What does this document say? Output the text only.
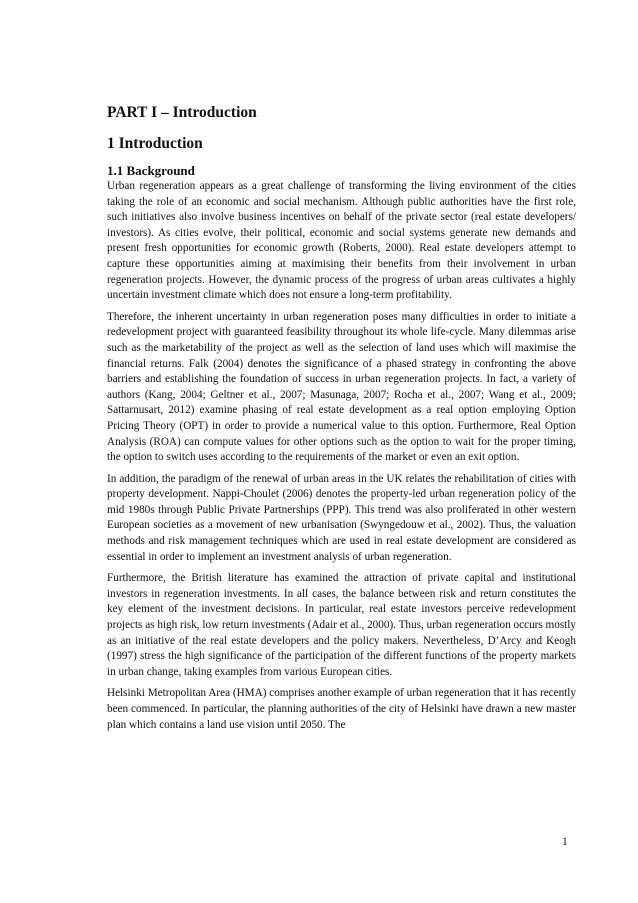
PART I – Introduction
1 Introduction
1.1 Background

Urban regeneration appears as a great challenge of transforming the living environment of the cities taking the role of an economic and social mechanism. Although public authorities have the first role, such initiatives also involve business incentives on behalf of the private sector (real estate developers/ investors). As cities evolve, their political, economic and social systems generate new demands and present fresh opportunities for economic growth (Roberts, 2000). Real estate developers attempt to capture these opportunities aiming at maximising their benefits from their involvement in urban regeneration projects. However, the dynamic process of the progress of urban areas cultivates a highly uncertain investment climate which does not ensure a long-term profitability.

Therefore, the inherent uncertainty in urban regeneration poses many difficulties in order to initiate a redevelopment project with guaranteed feasibility throughout its whole life-cycle. Many dilemmas arise such as the marketability of the project as well as the selection of land uses which will maximise the financial returns. Falk (2004) denotes the significance of a phased strategy in confronting the above barriers and establishing the foundation of success in urban regeneration projects. In fact, a variety of authors (Kang, 2004; Geltner et al., 2007; Masunaga, 2007; Rocha et al., 2007; Wang et al., 2009; Sattarnusart, 2012) examine phasing of real estate development as a real option employing Option Pricing Theory (OPT) in order to provide a numerical value to this option. Furthermore, Real Option Analysis (ROA) can compute values for other options such as the option to wait for the proper timing, the option to switch uses according to the requirements of the market or even an exit option.

In addition, the paradigm of the renewal of urban areas in the UK relates the rehabilitation of cities with property development. Nappi-Choulet (2006) denotes the property-led urban regeneration policy of the mid 1980s through Public Private Partnerships (PPP). This trend was also proliferated in other western European societies as a movement of new urbanisation (Swyngedouw et al., 2002). Thus, the valuation methods and risk management techniques which are used in real estate development are considered as essential in order to implement an investment analysis of urban regeneration.

Furthermore, the British literature has examined the attraction of private capital and institutional investors in regeneration investments. In all cases, the balance between risk and return constitutes the key element of the investment decisions. In particular, real estate investors perceive redevelopment projects as high risk, low return investments (Adair et al., 2000). Thus, urban regeneration occurs mostly as an initiative of the real estate developers and the policy makers. Nevertheless, D’Arcy and Keogh (1997) stress the high significance of the participation of the different functions of the property markets in urban change, taking examples from various European cities.

Helsinki Metropolitan Area (HMA) comprises another example of urban regeneration that it has recently been commenced. In particular, the planning authorities of the city of Helsinki have drawn a new master plan which contains a land use vision until 2050. The

1
